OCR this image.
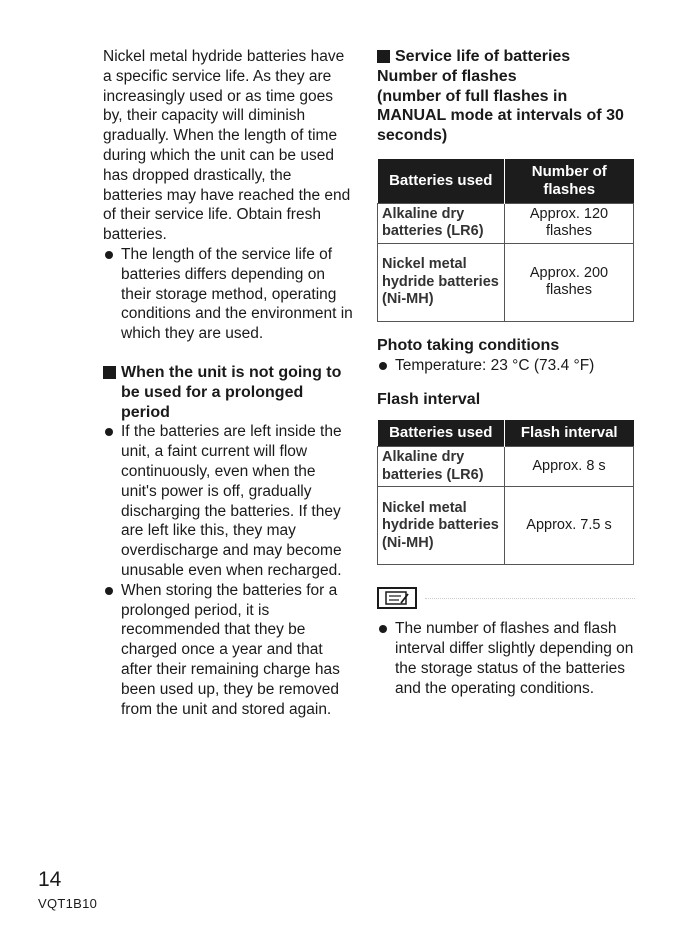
Nickel metal hydride batteries have a specific service life. As they are increasingly used or as time goes by, their capacity will diminish gradually. When the length of time during which the unit can be used has dropped drastically, the batteries may have reached the end of their service life. Obtain fresh batteries.

The length of the service life of batteries differs depending on their storage method, operating conditions and the environment in which they are used.

When the unit is not going to be used for a prolonged period

If the batteries are left inside the unit, a faint current will flow continuously, even when the unit's power is off, gradually discharging the batteries. If they are left like this, they may overdischarge and may become unusable even when recharged.

When storing the batteries for a prolonged period, it is recommended that they be charged once a year and that after their remaining charge has been used up, they be removed from the unit and stored again.

Service life of batteries

Number of flashes

(number of full flashes in MANUAL mode at intervals of 30 seconds)

Batteries used	Number of flashes
Alkaline dry batteries (LR6)	Approx. 120 flashes
Nickel metal hydride batteries (Ni-MH)	Approx. 200 flashes

Photo taking conditions

Temperature: 23 °C (73.4 °F)

Flash interval

Batteries used	Flash interval
Alkaline dry batteries (LR6)	Approx. 8 s
Nickel metal hydride batteries (Ni-MH)	Approx. 7.5 s

The number of flashes and flash interval differ slightly depending on the storage status of the batteries and the operating conditions.

14
VQT1B10
